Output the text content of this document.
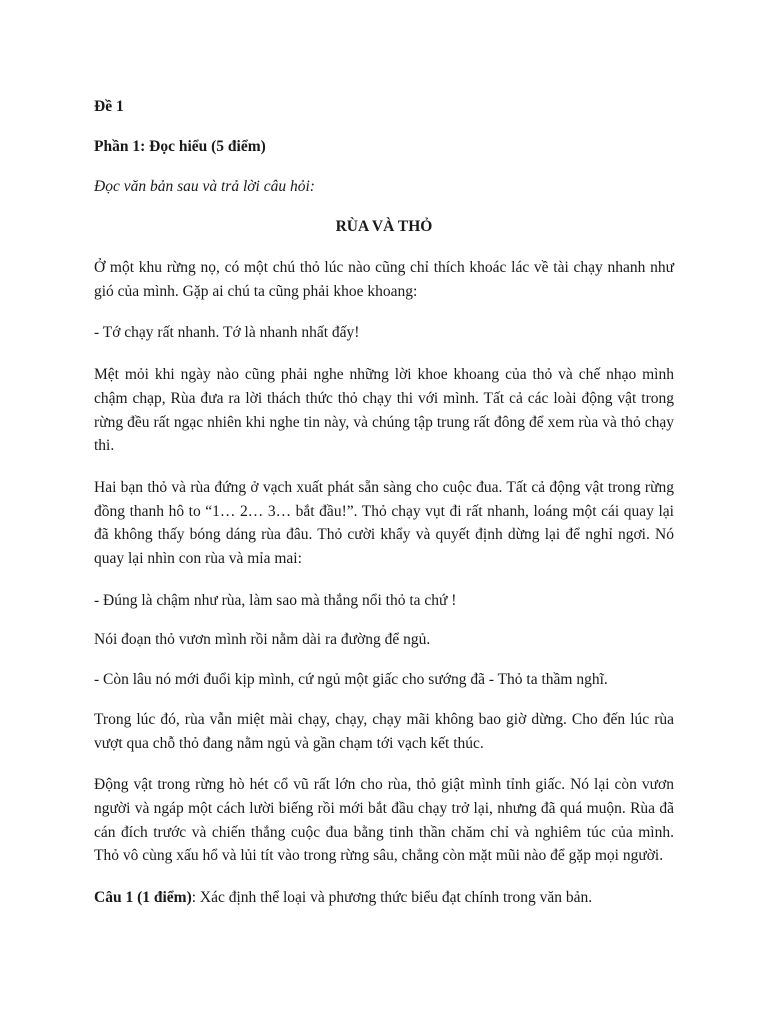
Đề 1

Phần 1: Đọc hiểu (5 điểm)

Đọc văn bản sau và trả lời câu hỏi:

RÙA VÀ THỎ

Ở một khu rừng nọ, có một chú thỏ lúc nào cũng chỉ thích khoác lác về tài chạy nhanh như gió của mình. Gặp ai chú ta cũng phải khoe khoang:

- Tớ chạy rất nhanh. Tớ là nhanh nhất đấy!

Mệt mỏi khi ngày nào cũng phải nghe những lời khoe khoang của thỏ và chế nhạo mình chậm chạp, Rùa đưa ra lời thách thức thỏ chạy thi với mình. Tất cả các loài động vật trong rừng đều rất ngạc nhiên khi nghe tin này, và chúng tập trung rất đông để xem rùa và thỏ chạy thi.

Hai bạn thỏ và rùa đứng ở vạch xuất phát sẵn sàng cho cuộc đua. Tất cả động vật trong rừng đồng thanh hô to “1… 2… 3… bắt đầu!”. Thỏ chạy vụt đi rất nhanh, loáng một cái quay lại đã không thấy bóng dáng rùa đâu. Thỏ cười khẩy và quyết định dừng lại để nghỉ ngơi. Nó quay lại nhìn con rùa và mỉa mai:

- Đúng là chậm như rùa, làm sao mà thắng nổi thỏ ta chứ !

Nói đoạn thỏ vươn mình rồi nằm dài ra đường để ngủ.

- Còn lâu nó mới đuổi kịp mình, cứ ngủ một giấc cho sướng đã - Thỏ ta thầm nghĩ.

Trong lúc đó, rùa vẫn miệt mài chạy, chạy, chạy mãi không bao giờ dừng. Cho đến lúc rùa vượt qua chỗ thỏ đang nằm ngủ và gần chạm tới vạch kết thúc.

Động vật trong rừng hò hét cổ vũ rất lớn cho rùa, thỏ giật mình tỉnh giấc. Nó lại còn vươn người và ngáp một cách lười biếng rồi mới bắt đầu chạy trở lại, nhưng đã quá muộn. Rùa đã cán đích trước và chiến thắng cuộc đua bằng tinh thần chăm chỉ và nghiêm túc của mình. Thỏ vô cùng xấu hổ và lủi tít vào trong rừng sâu, chẳng còn mặt mũi nào để gặp mọi người.

Câu 1 (1 điểm): Xác định thể loại và phương thức biểu đạt chính trong văn bản.
